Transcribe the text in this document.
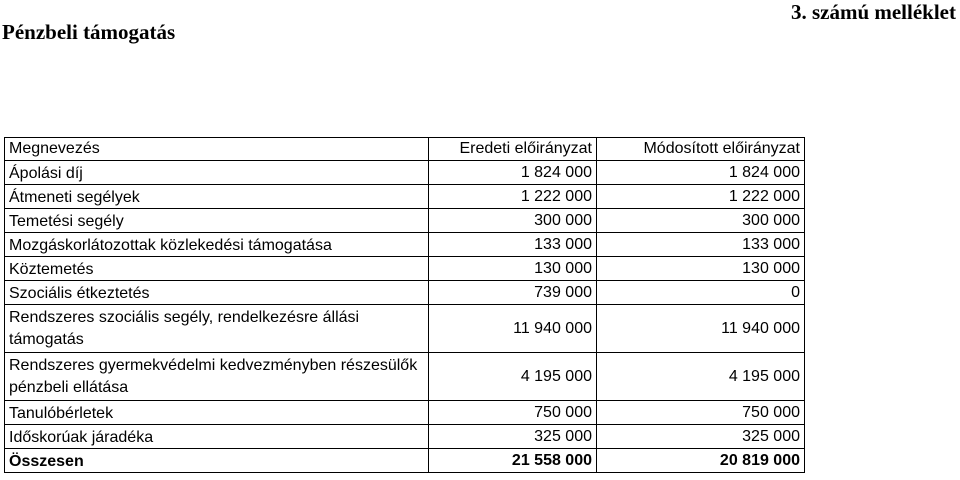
Pénzbeli támogatás
3. számú melléklet
Megnevezés	Eredeti előirányzat	Módosított előirányzat
Ápolási díj	1 824 000	1 824 000
Átmeneti segélyek	1 222 000	1 222 000
Temetési segély	300 000	300 000
Mozgáskorlátozottak közlekedési támogatása	133 000	133 000
Köztemetés	130 000	130 000
Szociális étkeztetés	739 000	0
Rendszeres szociális segély, rendelkezésre állási támogatás	11 940 000	11 940 000
Rendszeres gyermekvédelmi kedvezményben részesülők pénzbeli ellátása	4 195 000	4 195 000
Tanulóbérletek	750 000	750 000
Időskorúak járadéka	325 000	325 000
Összesen	21 558 000	20 819 000
